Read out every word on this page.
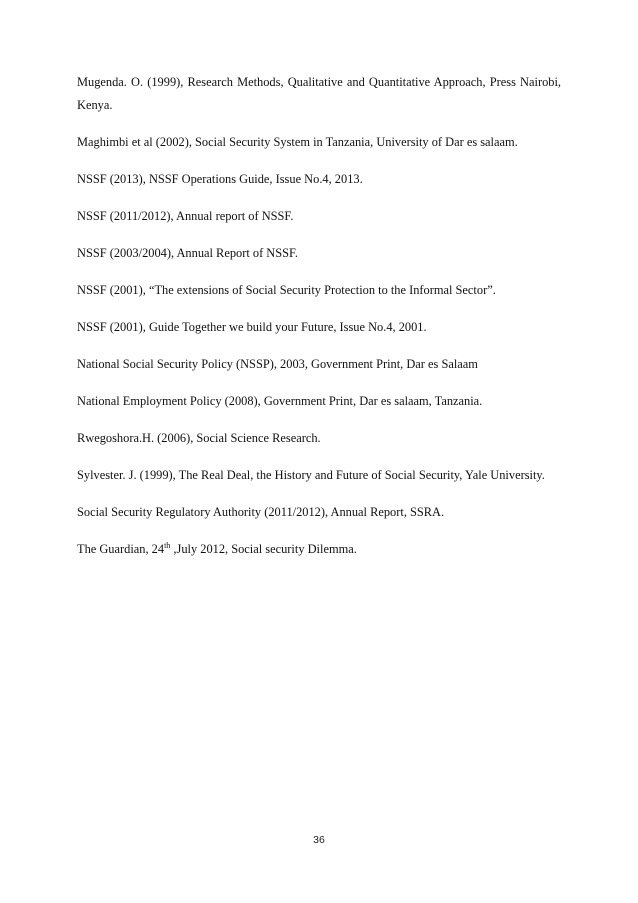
Mugenda. O. (1999), Research Methods, Qualitative and Quantitative Approach, Press Nairobi, Kenya.
Maghimbi et al (2002), Social Security System in Tanzania, University of Dar es salaam.
NSSF (2013), NSSF Operations Guide, Issue No.4, 2013.
NSSF (2011/2012), Annual report of NSSF.
NSSF (2003/2004), Annual Report of NSSF.
NSSF (2001), “The extensions of Social Security Protection to the Informal Sector”.
NSSF (2001), Guide Together we build your Future, Issue No.4, 2001.
National Social Security Policy (NSSP), 2003, Government Print, Dar es Salaam
National Employment Policy (2008), Government Print, Dar es salaam, Tanzania.
Rwegoshora.H. (2006), Social Science Research.
Sylvester. J. (1999), The Real Deal, the History and Future of Social Security, Yale University.
Social Security Regulatory Authority (2011/2012), Annual Report, SSRA.
The Guardian, 24th ,July 2012, Social security Dilemma.
36
